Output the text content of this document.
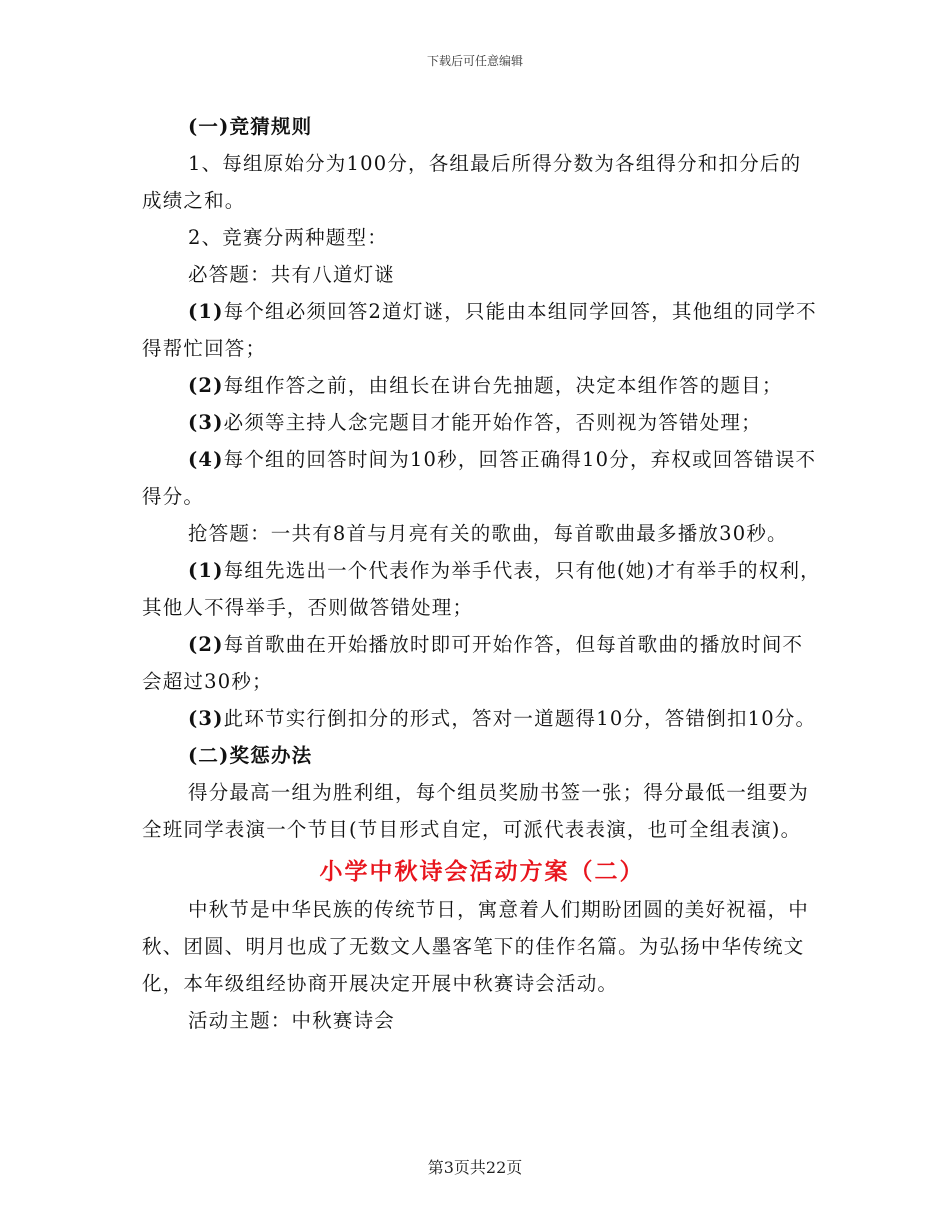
下载后可任意编辑

(一)竞猜规则

1、每组原始分为100分，各组最后所得分数为各组得分和扣分后的成绩之和。

2、竞赛分两种题型：

必答题：共有八道灯谜

(1)每个组必须回答2道灯谜，只能由本组同学回答，其他组的同学不得帮忙回答；

(2)每组作答之前，由组长在讲台先抽题，决定本组作答的题目；

(3)必须等主持人念完题目才能开始作答，否则视为答错处理；

(4)每个组的回答时间为10秒，回答正确得10分，弃权或回答错误不得分。

抢答题：一共有8首与月亮有关的歌曲，每首歌曲最多播放30秒。

(1)每组先选出一个代表作为举手代表，只有他(她)才有举手的权利，其他人不得举手，否则做答错处理；

(2)每首歌曲在开始播放时即可开始作答，但每首歌曲的播放时间不会超过30秒；

(3)此环节实行倒扣分的形式，答对一道题得10分，答错倒扣10分。

(二)奖惩办法

得分最高一组为胜利组，每个组员奖励书签一张；得分最低一组要为全班同学表演一个节目(节目形式自定，可派代表表演，也可全组表演)。

小学中秋诗会活动方案（二）

中秋节是中华民族的传统节日，寓意着人们期盼团圆的美好祝福，中秋、团圆、明月也成了无数文人墨客笔下的佳作名篇。为弘扬中华传统文化，本年级组经协商开展决定开展中秋赛诗会活动。

活动主题：中秋赛诗会

第3页共22页
